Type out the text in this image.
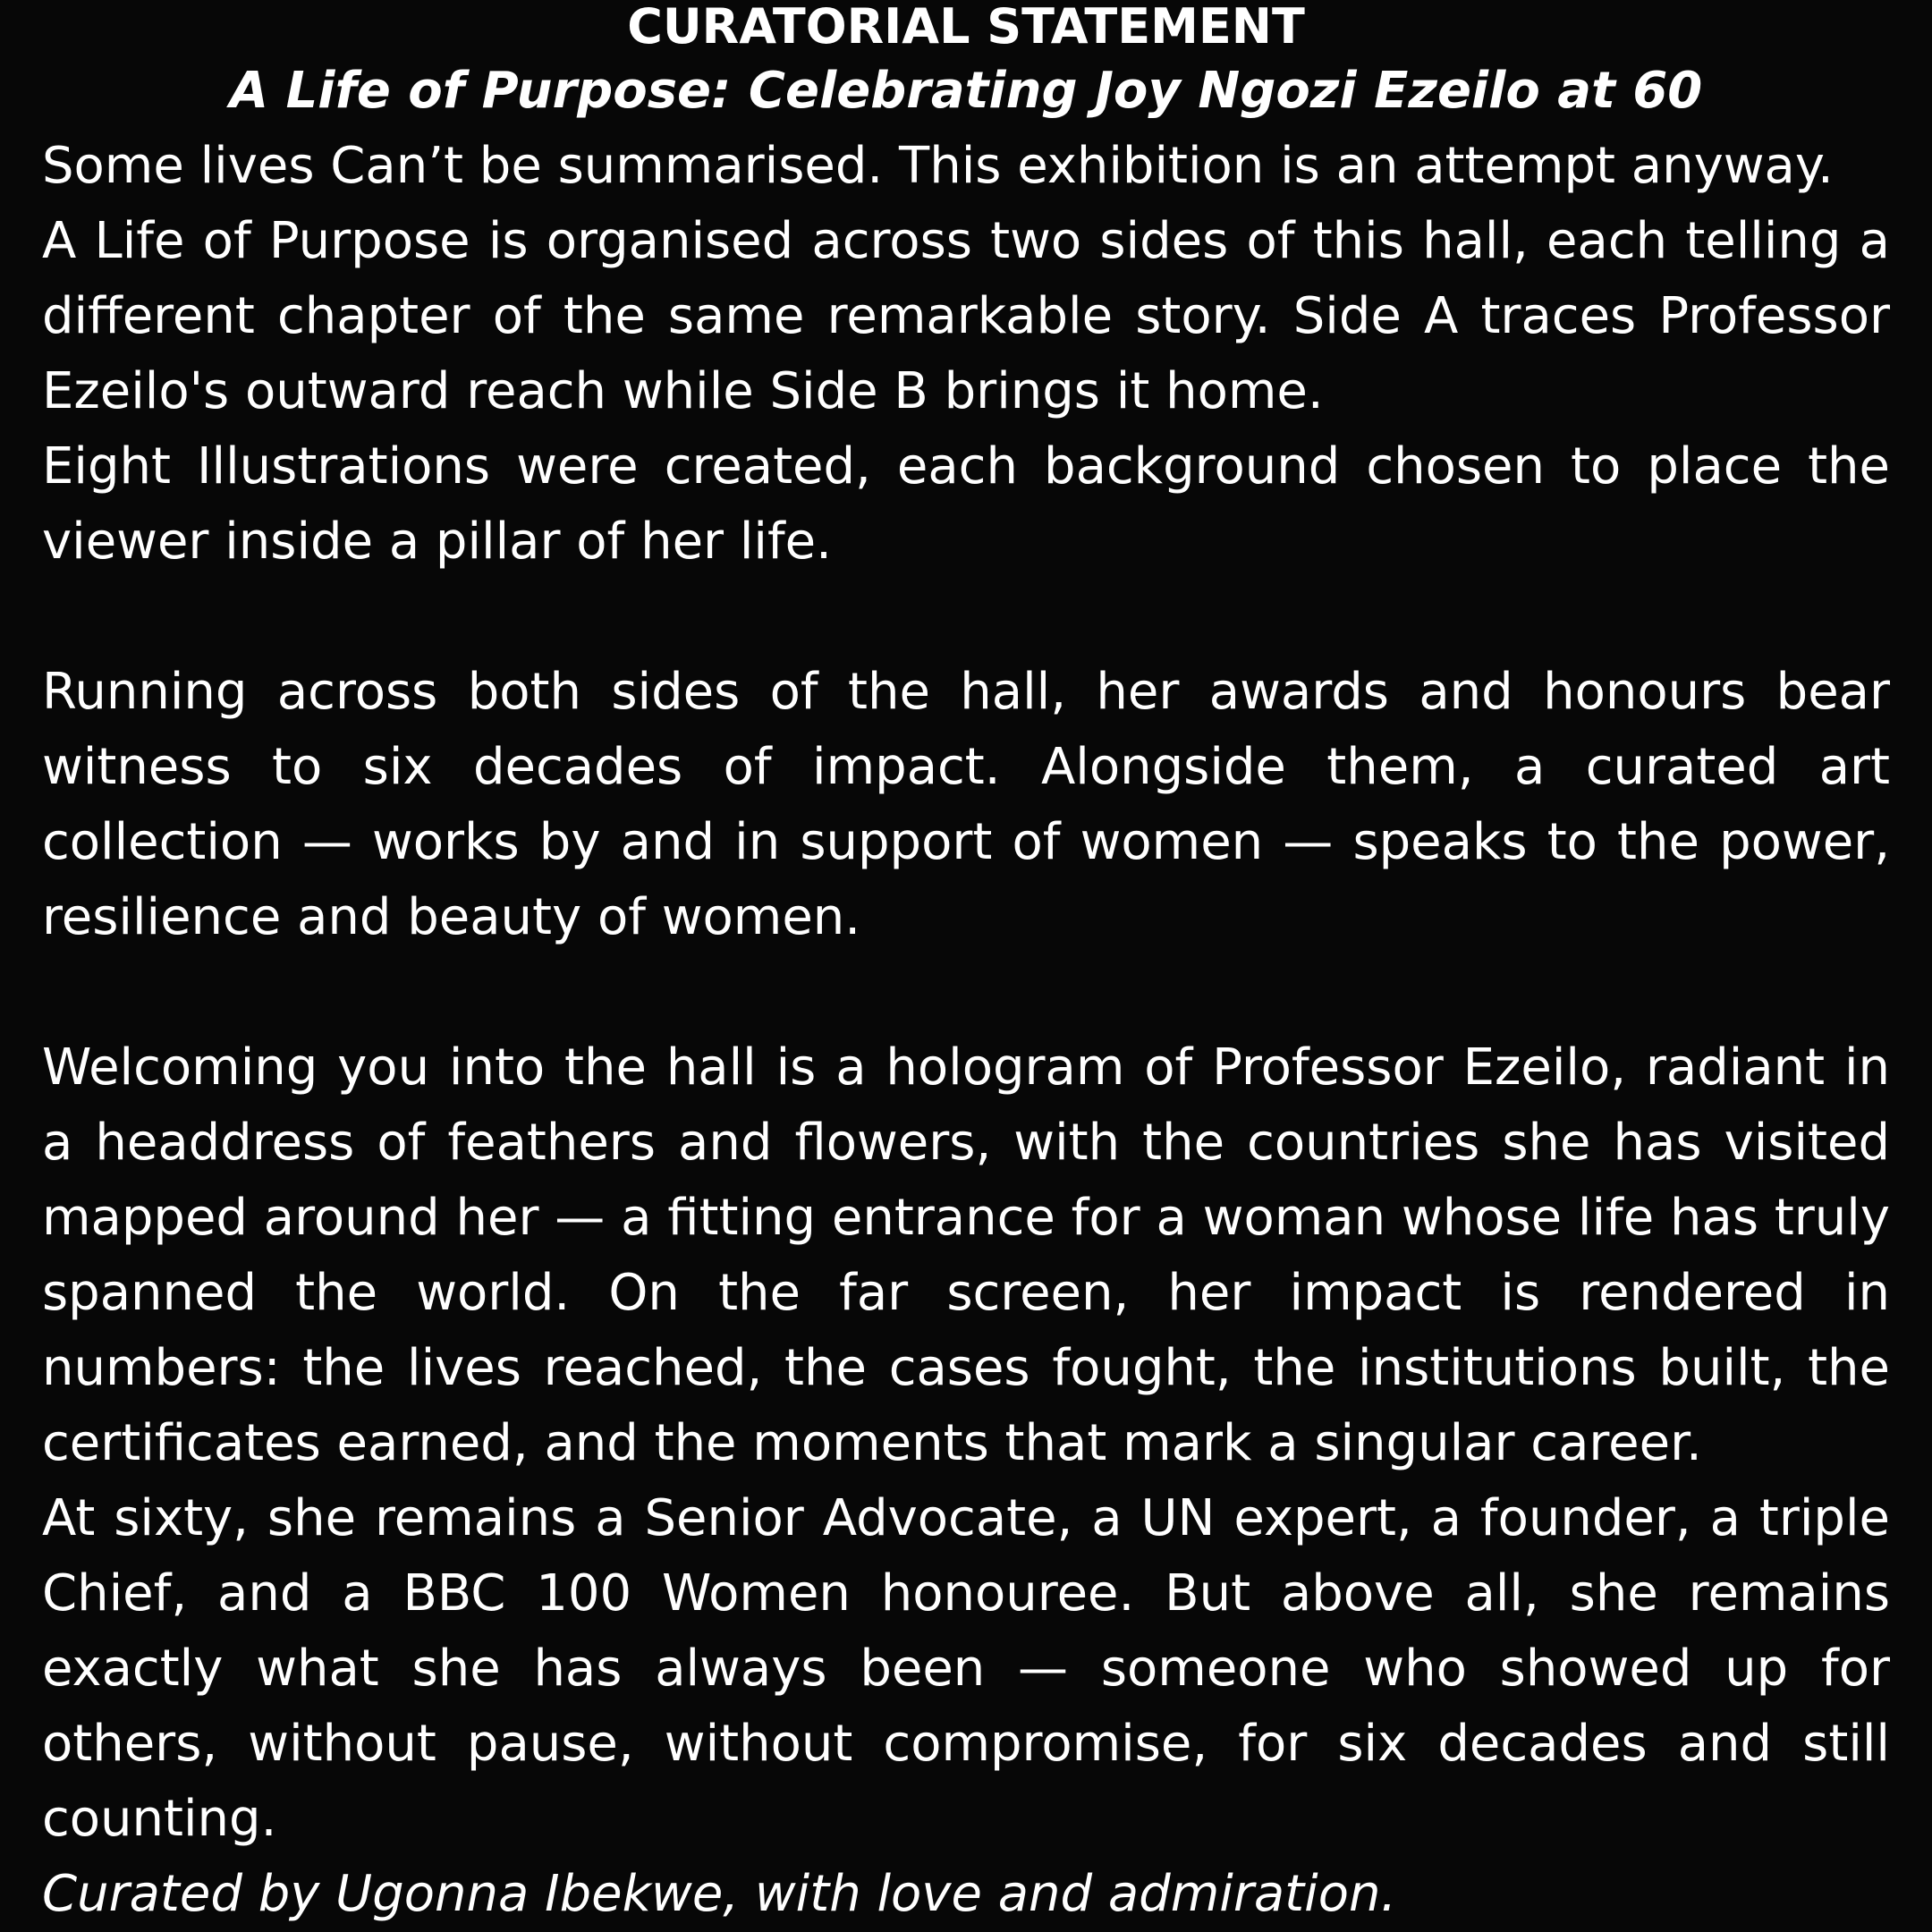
CURATORIAL STATEMENT
A Life of Purpose: Celebrating Joy Ngozi Ezeilo at 60

Some lives Can’t be summarised. This exhibition is an attempt anyway.

A Life of Purpose is organised across two sides of this hall, each telling a different chapter of the same remarkable story. Side A traces Professor Ezeilo's outward reach while Side B brings it home.

Eight Illustrations were created, each background chosen to place the viewer inside a pillar of her life.

Running across both sides of the hall, her awards and honours bear witness to six decades of impact. Alongside them, a curated art collection — works by and in support of women — speaks to the power, resilience and beauty of women.

Welcoming you into the hall is a hologram of Professor Ezeilo, radiant in a headdress of feathers and flowers, with the countries she has visited mapped around her — a fitting entrance for a woman whose life has truly spanned the world. On the far screen, her impact is rendered in numbers: the lives reached, the cases fought, the institutions built, the certificates earned, and the moments that mark a singular career.

At sixty, she remains a Senior Advocate, a UN expert, a founder, a triple Chief, and a BBC 100 Women honouree. But above all, she remains exactly what she has always been — someone who showed up for others, without pause, without compromise, for six decades and still counting.

Curated by Ugonna Ibekwe, with love and admiration.
